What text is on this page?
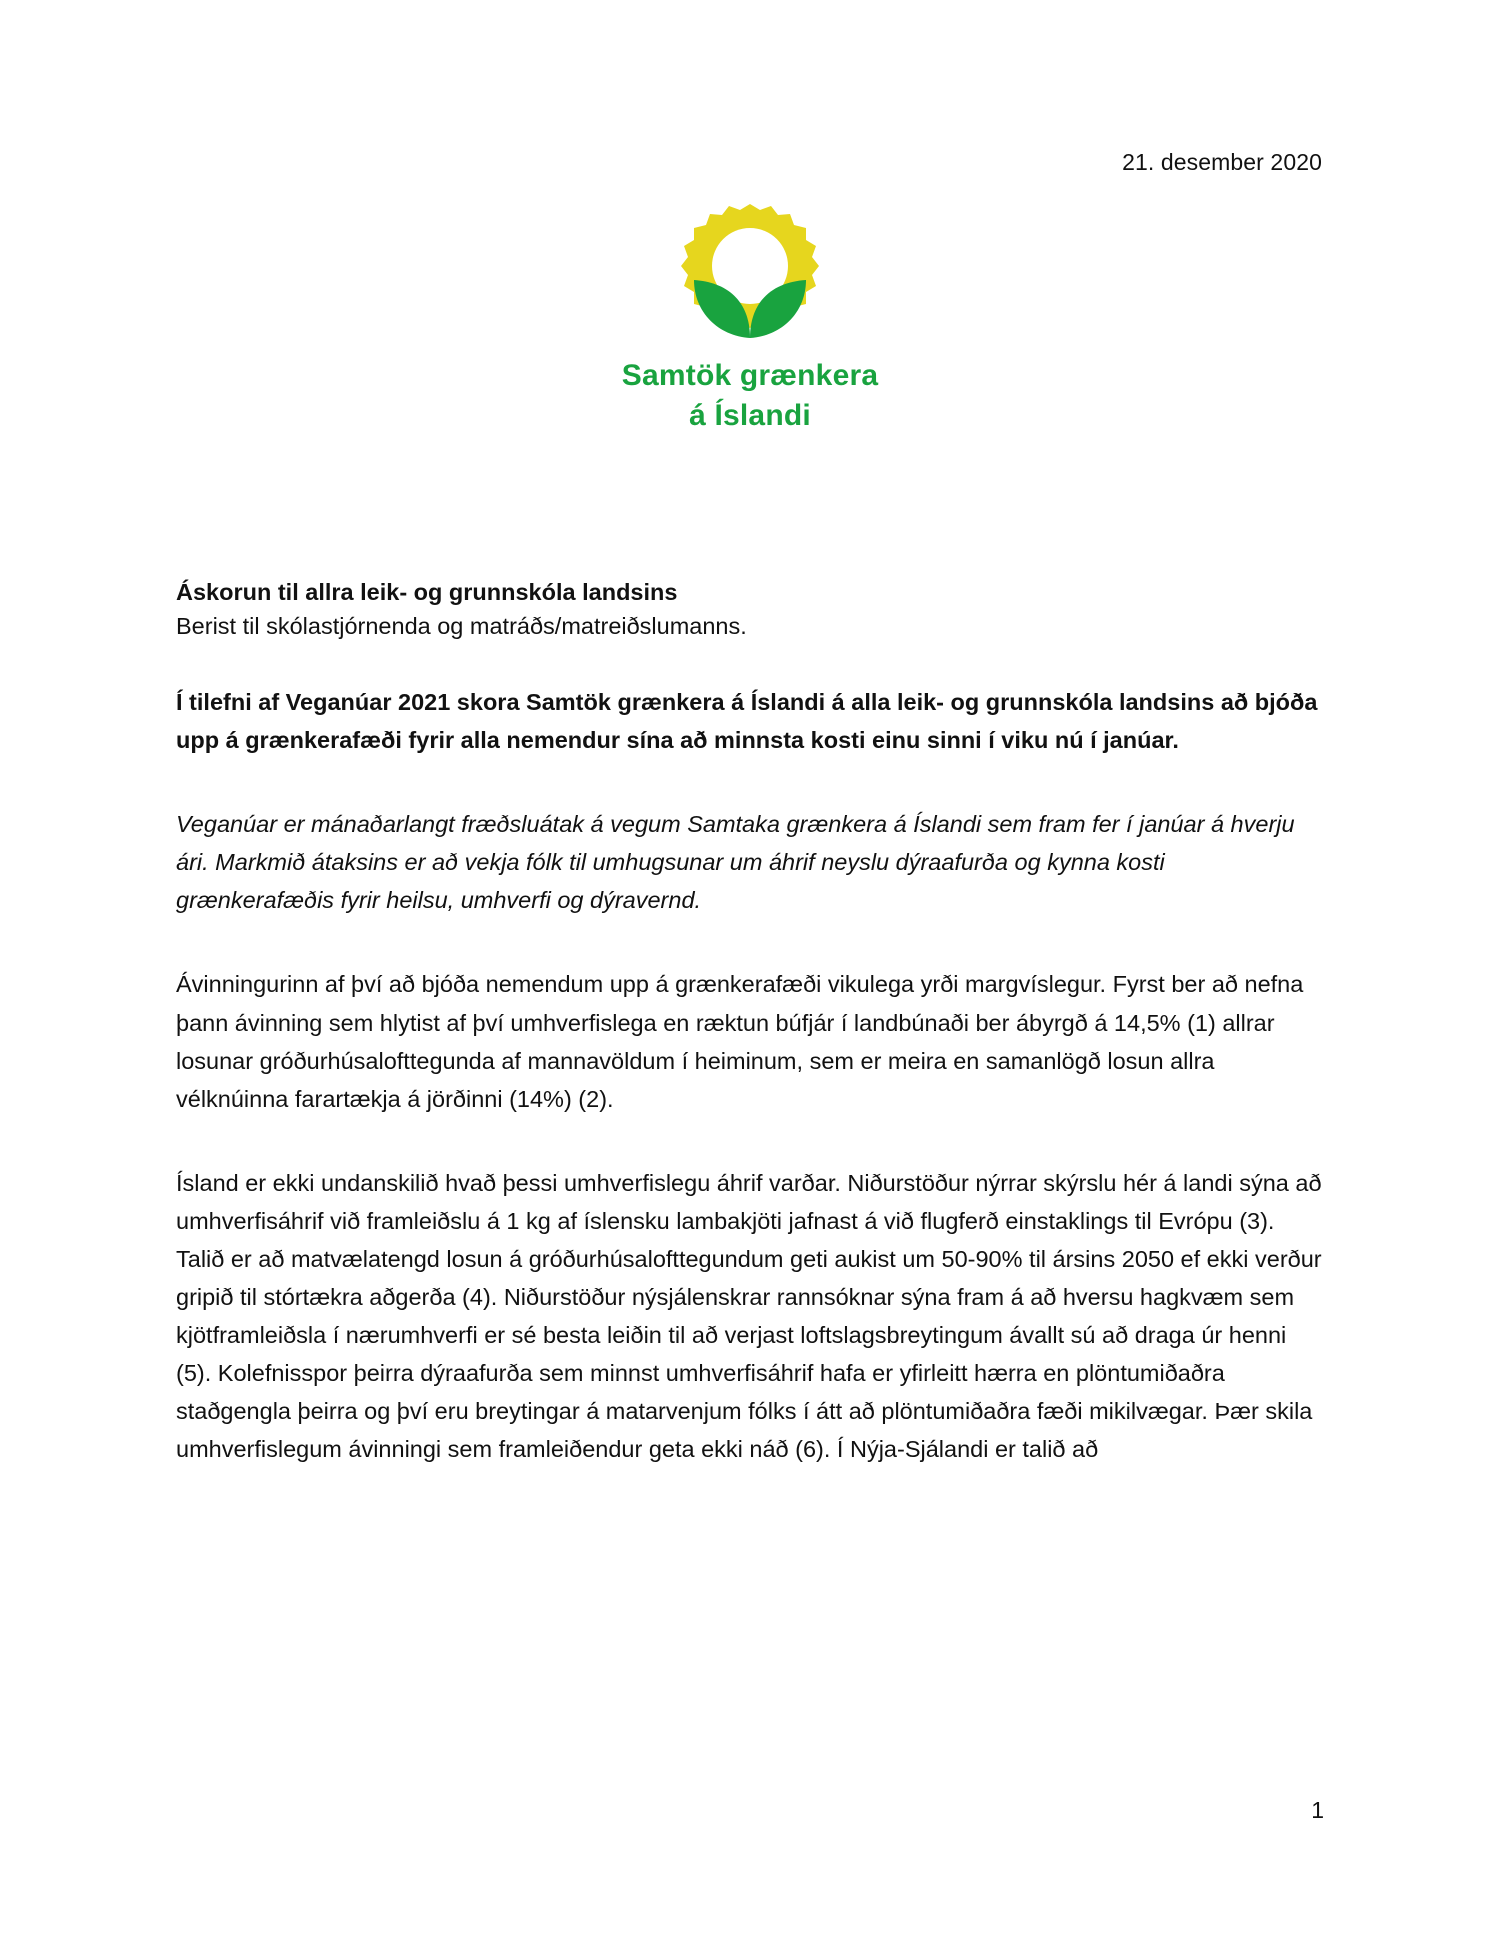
21. desember 2020
Samtök grænkera
á Íslandi

Áskorun til allra leik- og grunnskóla landsins

Berist til skólastjórnenda og matráðs/matreiðslumanns.

Í tilefni af Veganúar 2021 skora Samtök grænkera á Íslandi á alla leik- og grunnskóla landsins að bjóða upp á grænkerafæði fyrir alla nemendur sína að minnsta kosti einu sinni í viku nú í janúar.

Veganúar er mánaðarlangt fræðsluátak á vegum Samtaka grænkera á Íslandi sem fram fer í janúar á hverju ári. Markmið átaksins er að vekja fólk til umhugsunar um áhrif neyslu dýraafurða og kynna kosti grænkerafæðis fyrir heilsu, umhverfi og dýravernd.

Ávinningurinn af því að bjóða nemendum upp á grænkerafæði vikulega yrði margvíslegur. Fyrst ber að nefna þann ávinning sem hlytist af því umhverfislega en ræktun búfjár í landbúnaði ber ábyrgð á 14,5% (1) allrar losunar gróðurhúsalofttegunda af mannavöldum í heiminum, sem er meira en samanlögð losun allra vélknúinna farartækja á jörðinni (14%) (2).

Ísland er ekki undanskilið hvað þessi umhverfislegu áhrif varðar. Niðurstöður nýrrar skýrslu hér á landi sýna að umhverfisáhrif við framleiðslu á 1 kg af íslensku lambakjöti jafnast á við flugferð einstaklings til Evrópu (3). Talið er að matvælatengd losun á gróðurhúsalofttegundum geti aukist um 50-90% til ársins 2050 ef ekki verður gripið til stórtækra aðgerða (4). Niðurstöður nýsjálenskrar rannsóknar sýna fram á að hversu hagkvæm sem kjötframleiðsla í nærumhverfi er sé besta leiðin til að verjast loftslagsbreytingum ávallt sú að draga úr henni (5). Kolefnisspor þeirra dýraafurða sem minnst umhverfisáhrif hafa er yfirleitt hærra en plöntumiðaðra staðgengla þeirra og því eru breytingar á matarvenjum fólks í átt að plöntumiðaðra fæði mikilvægar. Þær skila umhverfislegum ávinningi sem framleiðendur geta ekki náð (6). Í Nýja-Sjálandi er talið að

1
